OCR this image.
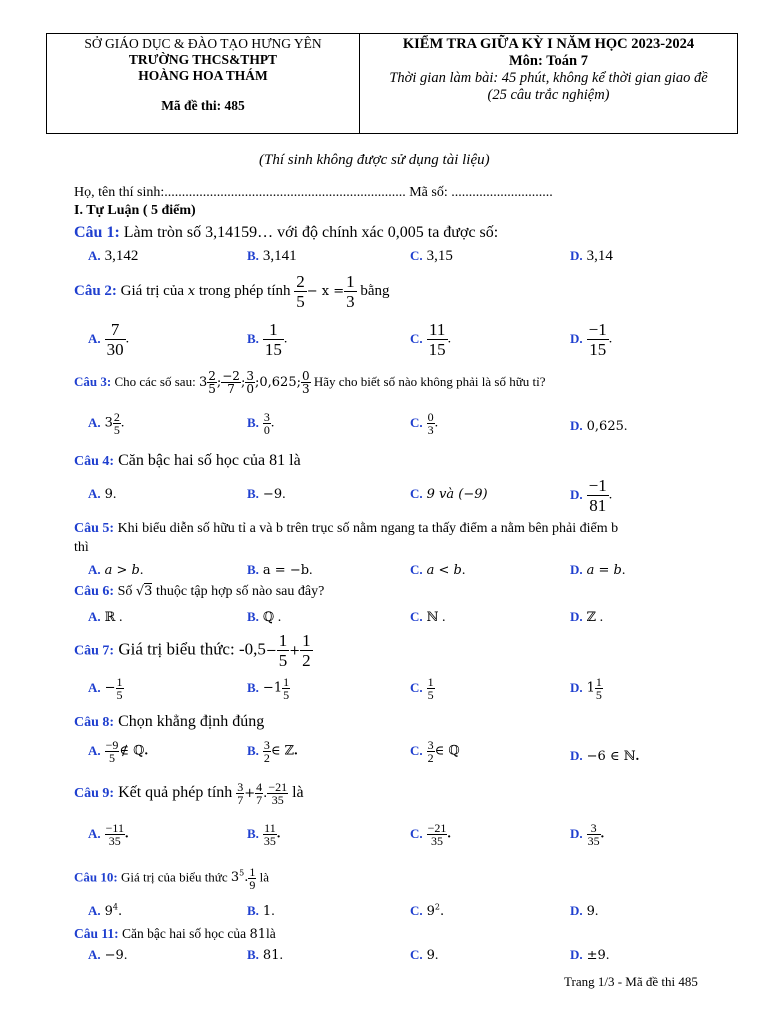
SỞ GIÁO DỤC & ĐÀO TẠO HƯNG YÊN
TRƯỜNG THCS&THPT
HOÀNG HOA THÁM
Mã đề thi: 485
KIỂM TRA GIỮA KỲ I NĂM HỌC 2023-2024
Môn: Toán 7
Thời gian làm bài: 45 phút, không kể thời gian giao đề
(25 câu trắc nghiệm)
(Thí sinh không được sử dụng tài liệu)
Họ, tên thí sinh:..................................................................... Mã số: .............................
I. Tự Luận ( 5 điểm)
Câu 1: Làm tròn số 3,14159… với độ chính xác 0,005 ta được số:
A. 3,142	B. 3,141	C. 3,15	D. 3,14
Câu 2: Giá trị của x trong phép tính $\frac{2}{5} - x = \frac{1}{3}$ bằng
A. $\frac{7}{30}$ .	B. $\frac{1}{15}$ .	C. $\frac{11}{15}$ .	D. $\frac{-1}{15}$ .
Câu 3: Cho các số sau: $3 \frac{2}{5}$ ; $\frac{-2}{7}$ ; $\frac{3}{0}$ ;0,625; $\frac{0}{3}$ Hãy cho biết số nào không phải là số hữu tỉ?
A. $3 \frac{2}{5}$ .	B. $\frac{3}{0}$ .	C. $\frac{0}{3}$ .	D. 0,625.
Câu 4: Căn bậc hai số học của 81 là
A. 9.	B. −9.	C. 9 và (−9)	D. $\frac{-1}{81}$ .
Câu 5: Khi biểu diễn số hữu tỉ a và b trên trục số nằm ngang ta thấy điểm a nằm bên phải điểm b
thì
A. a > b.	B. a = −b.	C. a < b.	D. a = b.
Câu 6: Số √3 thuộc tập hợp số nào sau đây?
A. ℝ .	B. ℚ .	C. ℕ .	D. ℤ .
Câu 7: Giá trị biểu thức: $-0,5- \frac{1}{5} + \frac{1}{2}$
A. − $\frac{1}{5}$	B. $-1 \frac{1}{5}$	C. $\frac{1}{5}$	D. $1 \frac{1}{5}$
Câu 8: Chọn khẳng định đúng
A. $\frac{-9}{5}$ ∉ ℚ.	B. $\frac{3}{2}$ ∈ ℤ.	C. $\frac{3}{2}$ ∈ ℚ	D. −6 ∈ ℕ.
Câu 9: Kết quả phép tính $\frac{3}{7} + \frac{4}{7}$ . $\frac{-21}{35}$ là
A. $\frac{-11}{35}$ .	B. $\frac{11}{35}$ .	C. $\frac{-21}{35}$ .	D. $\frac{3}{35}$ .
Câu 10: Giá trị của biểu thức $3^5$. $\frac{1}{9}$ là
A. $9^4$.	B. 1.	C. $9^2$.	D. 9.
Câu 11: Căn bậc hai số học của 81là
A. −9.	B. 81.	C. 9.	D. ±9.
Trang 1/3 - Mã đề thi 485
